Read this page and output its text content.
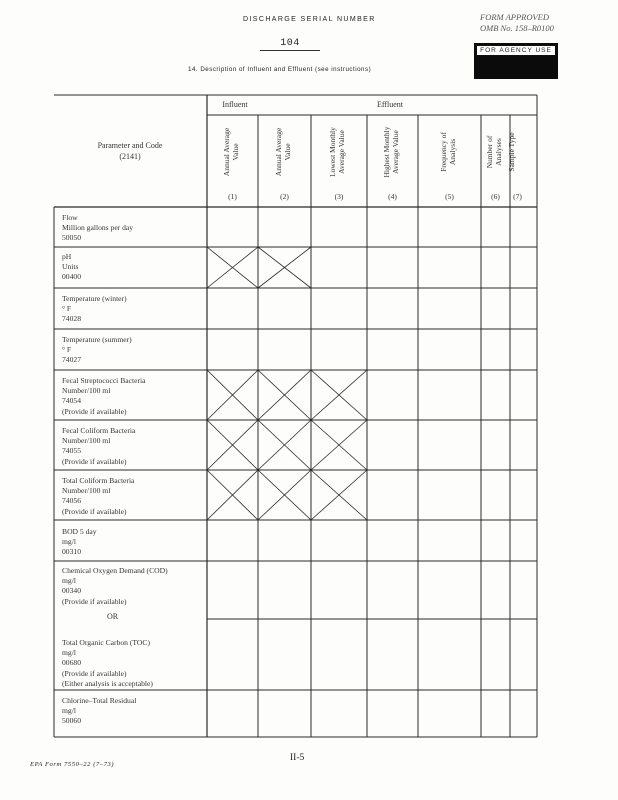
DISCHARGE SERIAL NUMBER	FORM APPROVED
OMB No. 158–R0100
104
FOR AGENCY USE
14. Description of Influent and Effluent (see instructions)
Influent	Effluent
Parameter and Code
(2141)
OR
Annual Average Value
(1)
Annual Average Value
(2)
Lowest Monthly Average Value
(3)
Highest Monthly Average Value
(4)
Frequency of Analysis
(5)
Number of Analyses
(6)
Sample Type
(7)
Flow
Million gallons per day
50050
pH
Units
00400
Temperature (winter)
° F
74028
Temperature (summer)
° F
74027
Fecal Streptococci Bacteria
Number/100 ml
74054
(Provide if available)
Fecal Coliform Bacteria
Number/100 ml
74055
(Provide if available)
Total Coliform Bacteria
Number/100 ml
74056
(Provide if available)
BOD 5 day
mg/l
00310
Chemical Oxygen Demand (COD)
mg/l
00340
(Provide if available)
Total Organic Carbon (TOC)
mg/l
00680
(Provide if available)
(Either analysis is acceptable)
Chlorine–Total Residual
mg/l
50060
EPA Form 7550–22 (7–73)
II-5
